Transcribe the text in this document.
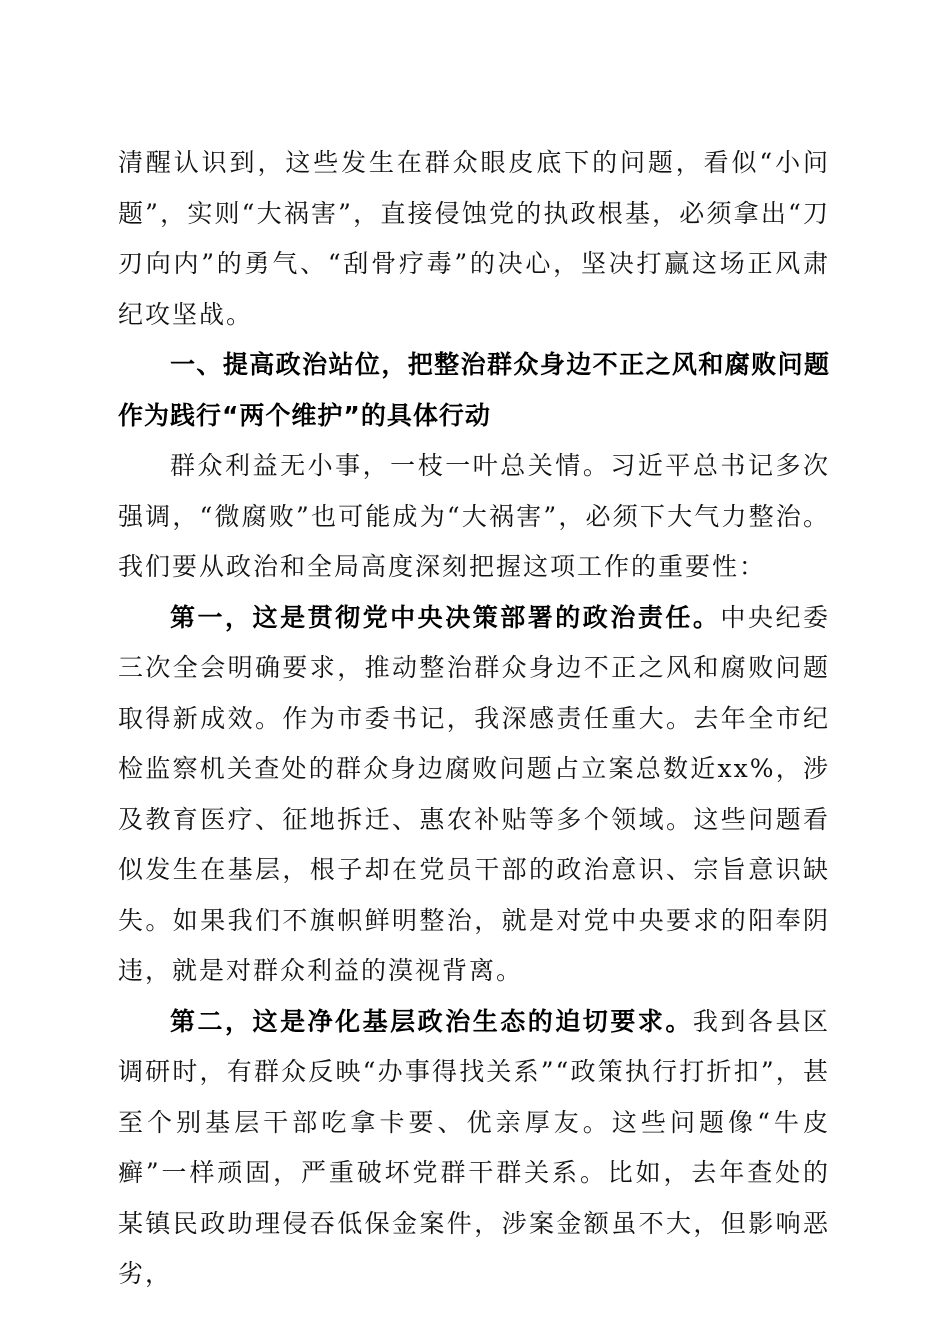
清醒认识到，这些发生在群众眼皮底下的问题，看似“小问题”，实则“大祸害”，直接侵蚀党的执政根基，必须拿出“刀刃向内”的勇气、“刮骨疗毒”的决心，坚决打赢这场正风肃纪攻坚战。

一、提高政治站位，把整治群众身边不正之风和腐败问题作为践行“两个维护”的具体行动

群众利益无小事，一枝一叶总关情。习近平总书记多次强调，“微腐败”也可能成为“大祸害”，必须下大气力整治。我们要从政治和全局高度深刻把握这项工作的重要性：

第一，这是贯彻党中央决策部署的政治责任。中央纪委三次全会明确要求，推动整治群众身边不正之风和腐败问题取得新成效。作为市委书记，我深感责任重大。去年全市纪检监察机关查处的群众身边腐败问题占立案总数近xx%，涉及教育医疗、征地拆迁、惠农补贴等多个领域。这些问题看似发生在基层，根子却在党员干部的政治意识、宗旨意识缺失。如果我们不旗帜鲜明整治，就是对党中央要求的阳奉阴违，就是对群众利益的漠视背离。

第二，这是净化基层政治生态的迫切要求。我到各县区调研时，有群众反映“办事得找关系”“政策执行打折扣”，甚至个别基层干部吃拿卡要、优亲厚友。这些问题像“牛皮癣”一样顽固，严重破坏党群干群关系。比如，去年查处的某镇民政助理侵吞低保金案件，涉案金额虽不大，但影响恶劣，
